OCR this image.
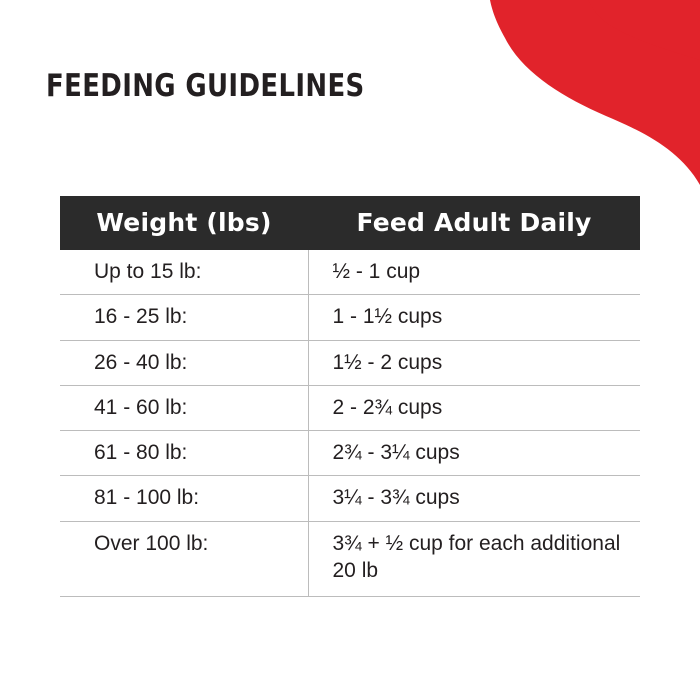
FEEDING GUIDELINES
Weight (lbs)	Feed Adult Daily
Up to 15 lb:	½ - 1 cup
16 - 25 lb:	1 - 1½ cups
26 - 40 lb:	1½ - 2 cups
41 - 60 lb:	2 - 2¾ cups
61 - 80 lb:	2¾ - 3¼ cups
81 - 100 lb:	3¼ - 3¾ cups
Over 100 lb:	3¾ + ½ cup for each additional 20 lb
